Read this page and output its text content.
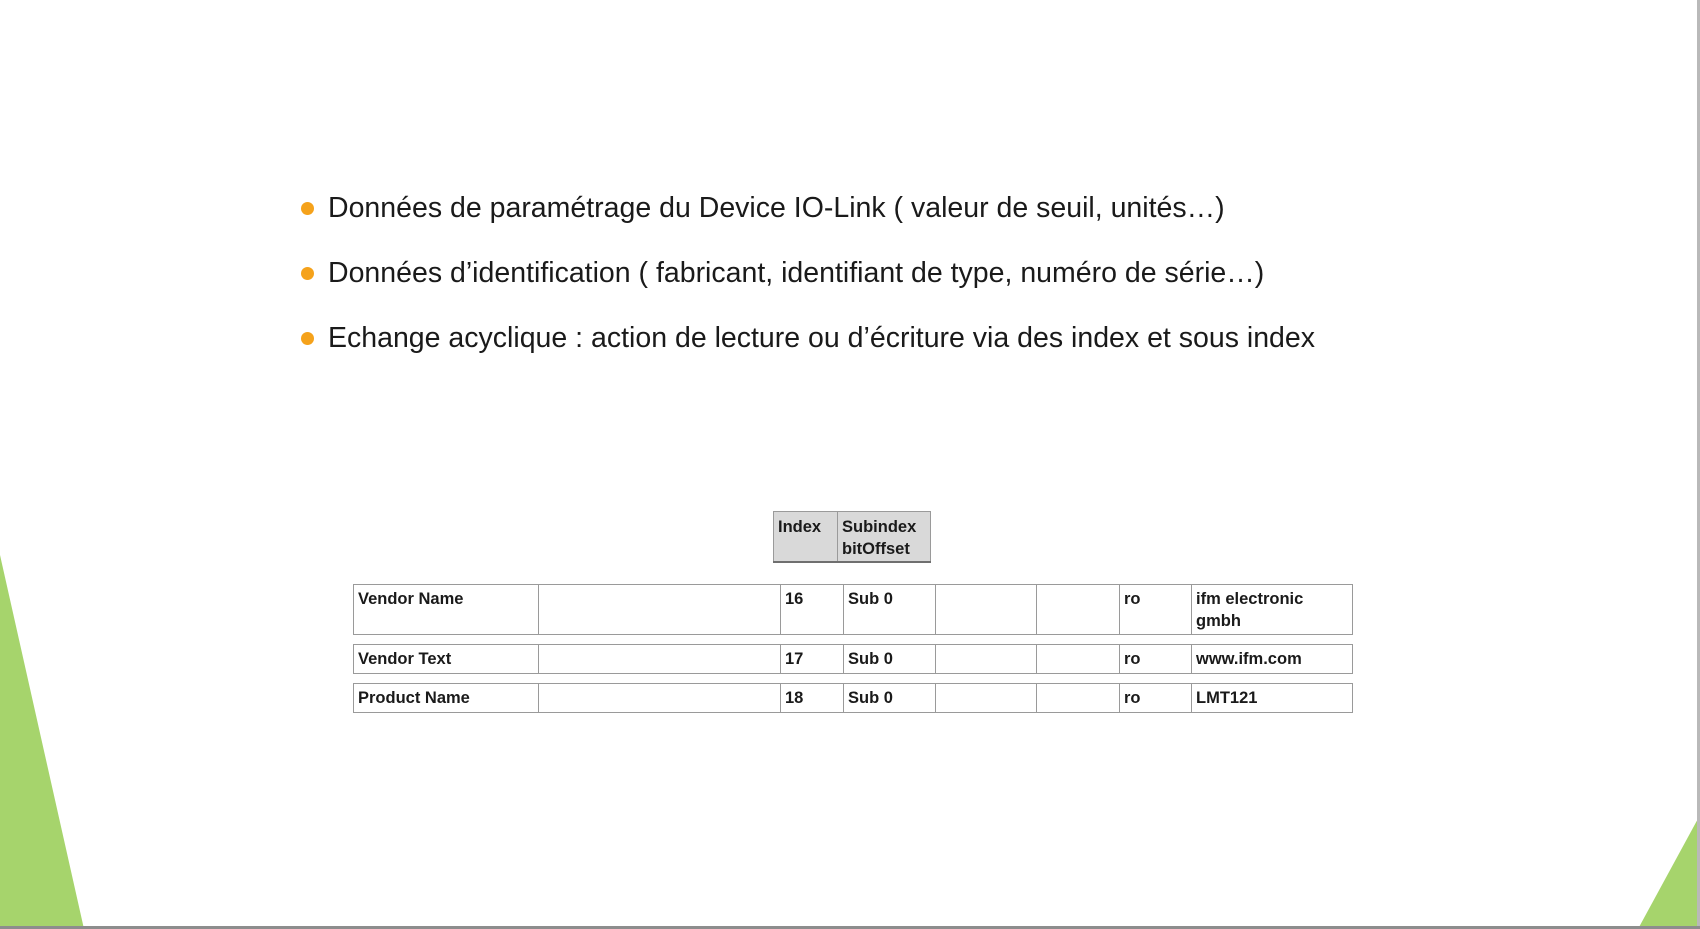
Données de paramétrage du Device IO-Link ( valeur de seuil, unités…)
Données d’identification ( fabricant, identifiant de type, numéro de série…)
Echange acyclique : action de lecture ou d’écriture via des index et sous index
Index	Subindex
bitOffset
Vendor Name		16	Sub 0			ro	ifm electronic gmbh
Vendor Text		17	Sub 0			ro	www.ifm.com
Product Name		18	Sub 0			ro	LMT121
